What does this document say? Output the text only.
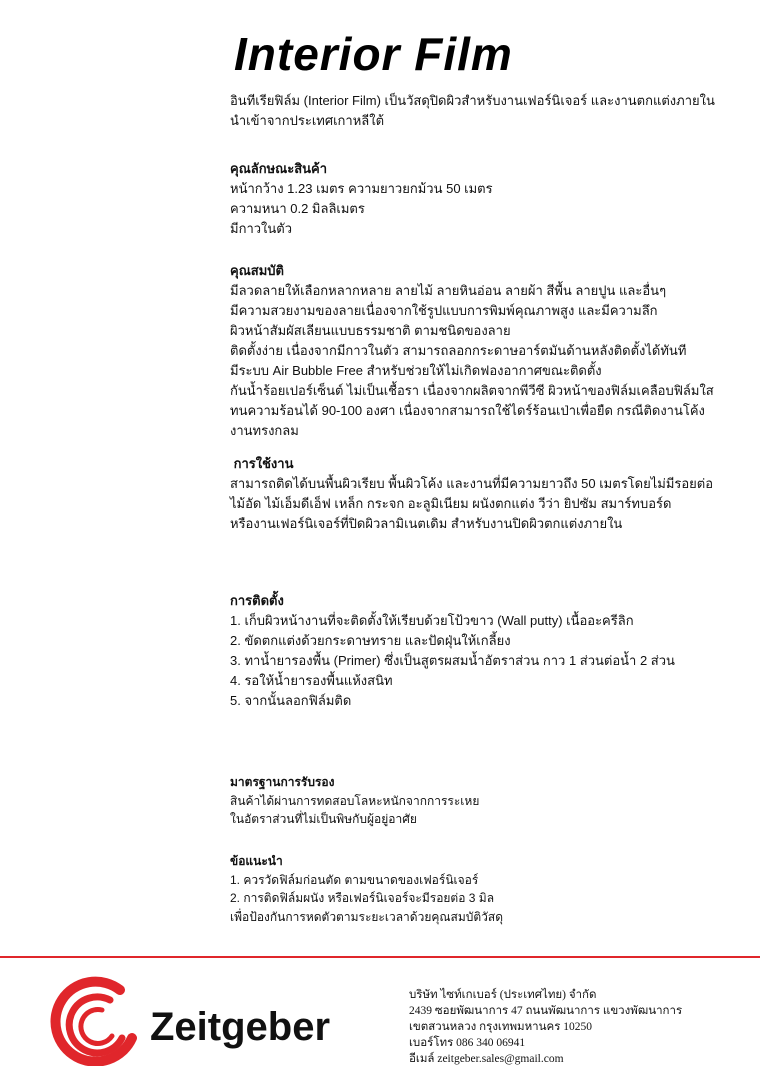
Interior Film
อินทีเรียฟิล์ม (Interior Film) เป็นวัสดุปิดผิวสำหรับงานเฟอร์นิเจอร์ และงานตกแต่งภายใน
นำเข้าจากประเทศเกาหลีใต้
คุณลักษณะสินค้า
หน้ากว้าง 1.23 เมตร ความยาวยกม้วน 50 เมตร
ความหนา 0.2 มิลลิเมตร
มีกาวในตัว
คุณสมบัติ
มีลวดลายให้เลือกหลากหลาย ลายไม้ ลายหินอ่อน ลายผ้า สีพื้น ลายปูน และอื่นๆ
มีความสวยงามของลายเนื่องจากใช้รูปแบบการพิมพ์คุณภาพสูง และมีความลึก
ผิวหน้าสัมผัสเลียนแบบธรรมชาติ ตามชนิดของลาย
ติดตั้งง่าย เนื่องจากมีกาวในตัว สามารถลอกกระดาษอาร์ตมันด้านหลังติดตั้งได้ทันที
มีระบบ Air Bubble Free สำหรับช่วยให้ไม่เกิดฟองอากาศขณะติดตั้ง
กันน้ำร้อยเปอร์เซ็นต์ ไม่เป็นเชื้อรา เนื่องจากผลิตจากพีวีซี ผิวหน้าของฟิล์มเคลือบฟิล์มใส
ทนความร้อนได้ 90-100 องศา เนื่องจากสามารถใช้ไดร์ร้อนเป่าเพื่อยืด กรณีติดงานโค้ง
งานทรงกลม
การใช้งาน
สามารถติดได้บนพื้นผิวเรียบ พื้นผิวโค้ง และงานที่มีความยาวถึง 50 เมตรโดยไม่มีรอยต่อ
ไม้อัด ไม้เอ็มดีเอ็ฟ เหล็ก กระจก อะลูมิเนียม ผนังตกแต่ง วีว่า ยิปซัม สมาร์ทบอร์ด
หรืองานเฟอร์นิเจอร์ที่ปิดผิวลามิเนตเดิม สำหรับงานปิดผิวตกแต่งภายใน
การติดตั้ง
1. เก็บผิวหน้างานที่จะติดตั้งให้เรียบด้วยโป้วขาว (Wall putty) เนื้ออะครีลิก
2. ขัดตกแต่งด้วยกระดาษทราย และปัดฝุ่นให้เกลี้ยง
3. ทาน้ำยารองพื้น (Primer) ซึ่งเป็นสูตรผสมน้ำอัตราส่วน กาว 1 ส่วนต่อน้ำ 2 ส่วน
4. รอให้น้ำยารองพื้นแห้งสนิท
5. จากนั้นลอกฟิล์มติด
มาตรฐานการรับรอง
สินค้าได้ผ่านการทดสอบโลหะหนักจากการระเหย
ในอัตราส่วนที่ไม่เป็นพิษกับผู้อยู่อาศัย
ข้อแนะนำ
1. ควรวัดฟิล์มก่อนตัด ตามขนาดของเฟอร์นิเจอร์
2. การติดฟิล์มผนัง หรือเฟอร์นิเจอร์จะมีรอยต่อ 3 มิล
เพื่อป้องกันการหดตัวตามระยะเวลาด้วยคุณสมบัติวัสดุ
Zeitgeber
บริษัท ไซท์เกเบอร์ (ประเทศไทย) จำกัด
2439 ซอยพัฒนาการ 47 ถนนพัฒนาการ แขวงพัฒนาการ
เขตสวนหลวง กรุงเทพมหานคร 10250
เบอร์โทร 086 340 06941
อีเมล์ zeitgeber.sales@gmail.com
